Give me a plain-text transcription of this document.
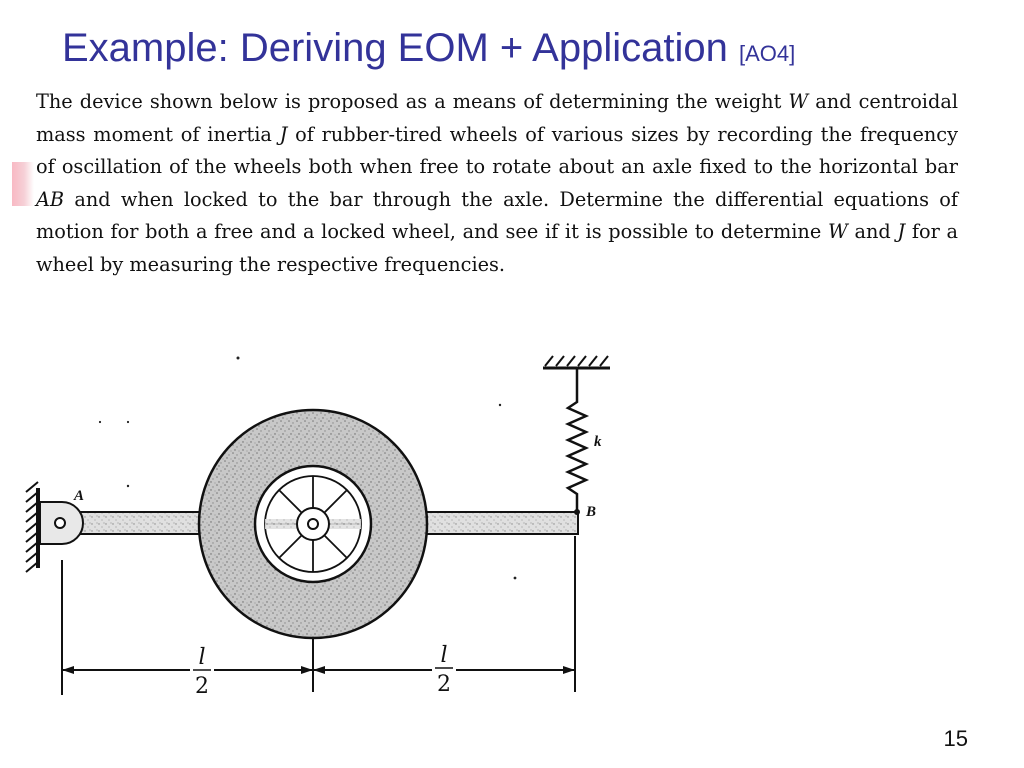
Example: Deriving EOM + Application [AO4]

The device shown below is proposed as a means of determining the weight W and centroidal mass moment of inertia J of rubber-tired wheels of various sizes by recording the frequency of oscillation of the wheels both when free to rotate about an axle fixed to the horizontal bar AB and when locked to the bar through the axle. Determine the differential equations of motion for both a free and a locked wheel, and see if it is possible to determine W and J for a wheel by measuring the respective frequencies.

A
B
k
l
2
l
2
15
